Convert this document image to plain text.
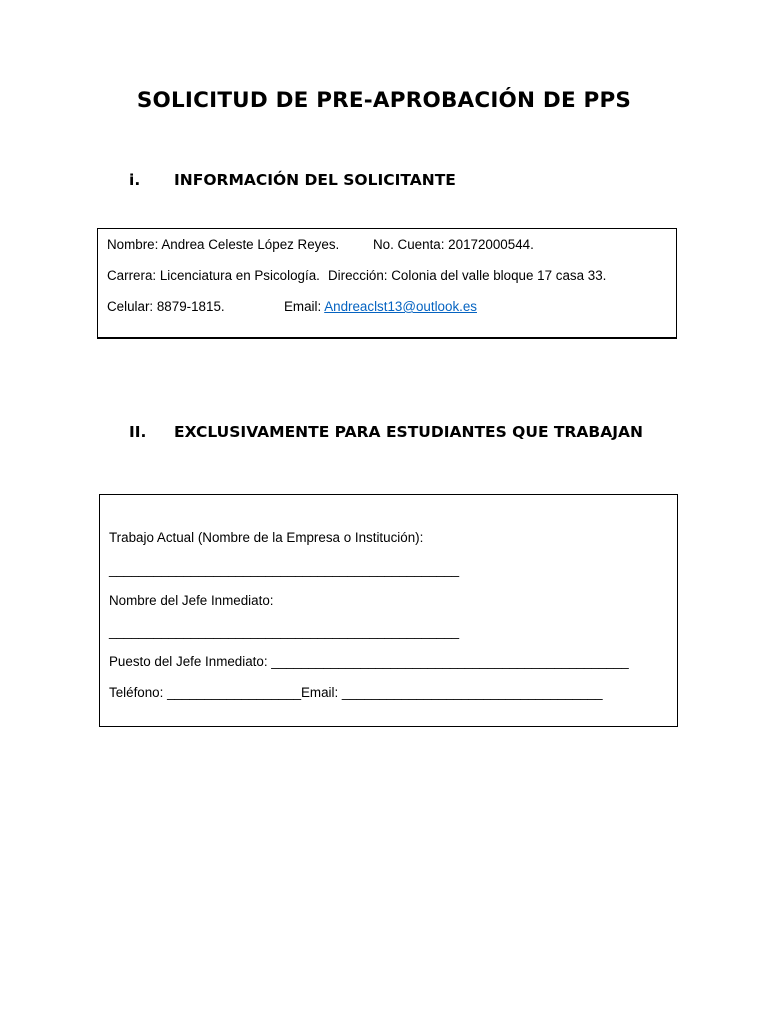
SOLICITUD DE PRE-APROBACIÓN DE PPS
i. INFORMACIÓN DEL SOLICITANTE
Nombre: Andrea Celeste López Reyes.	No. Cuenta: 20172000544.
Carrera: Licenciatura en Psicología. Dirección: Colonia del valle bloque 17 casa 33.
Celular: 8879-1815.	Email: Andreaclst13@outlook.es
II. EXCLUSIVAMENTE PARA ESTUDIANTES QUE TRABAJAN
Trabajo Actual (Nombre de la Empresa o Institución):
_______________________________________________
Nombre del Jefe Inmediato:
_______________________________________________
Puesto del Jefe Inmediato: ________________________________________________
Teléfono: __________________ Email: ___________________________________
